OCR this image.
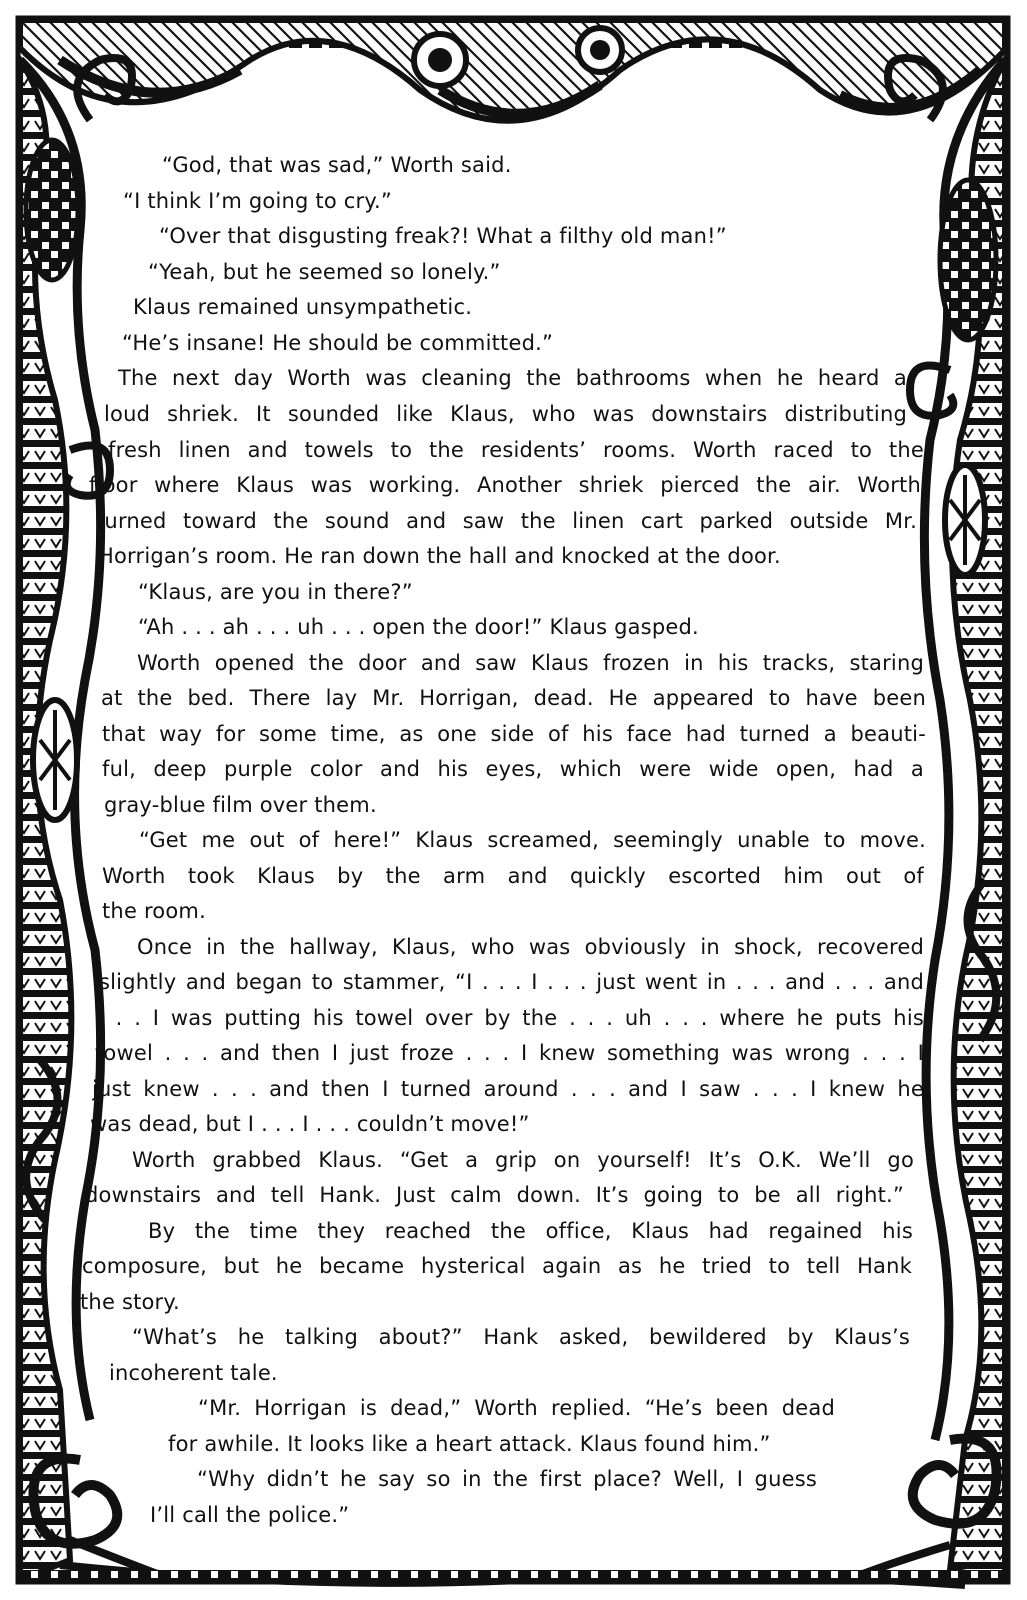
“God, that was sad,” Worth said.
“I think I’m going to cry.”
“Over that disgusting freak?! What a filthy old man!”
“Yeah, but he seemed so lonely.”
Klaus remained unsympathetic.
“He’s insane! He should be committed.”
The next day Worth was cleaning the bathrooms when he heard a
loud shriek. It sounded like Klaus, who was downstairs distributing
fresh linen and towels to the residents’ rooms. Worth raced to the
floor where Klaus was working. Another shriek pierced the air. Worth
turned toward the sound and saw the linen cart parked outside Mr.
Horrigan’s room. He ran down the hall and knocked at the door.
“Klaus, are you in there?”
“Ah . . . ah . . . uh . . . open the door!” Klaus gasped.
Worth opened the door and saw Klaus frozen in his tracks, staring
at the bed. There lay Mr. Horrigan, dead. He appeared to have been
that way for some time, as one side of his face had turned a beauti-
ful, deep purple color and his eyes, which were wide open, had a
gray-blue film over them.
“Get me out of here!” Klaus screamed, seemingly unable to move.
Worth took Klaus by the arm and quickly escorted him out of
the room.
Once in the hallway, Klaus, who was obviously in shock, recovered
slightly and began to stammer, “I . . . I . . . just went in . . . and . . . and
. . . I was putting his towel over by the . . . uh . . . where he puts his
towel . . . and then I just froze . . . I knew something was wrong . . . I
just knew . . . and then I turned around . . . and I saw . . . I knew he
was dead, but I . . . I . . . couldn’t move!”
Worth grabbed Klaus. “Get a grip on yourself! It’s O.K. We’ll go
downstairs and tell Hank. Just calm down. It’s going to be all right.”
By the time they reached the office, Klaus had regained his
composure, but he became hysterical again as he tried to tell Hank
the story.
“What’s he talking about?” Hank asked, bewildered by Klaus’s
incoherent tale.
“Mr. Horrigan is dead,” Worth replied. “He’s been dead
for awhile. It looks like a heart attack. Klaus found him.”
“Why didn’t he say so in the first place? Well, I guess
I’ll call the police.”
